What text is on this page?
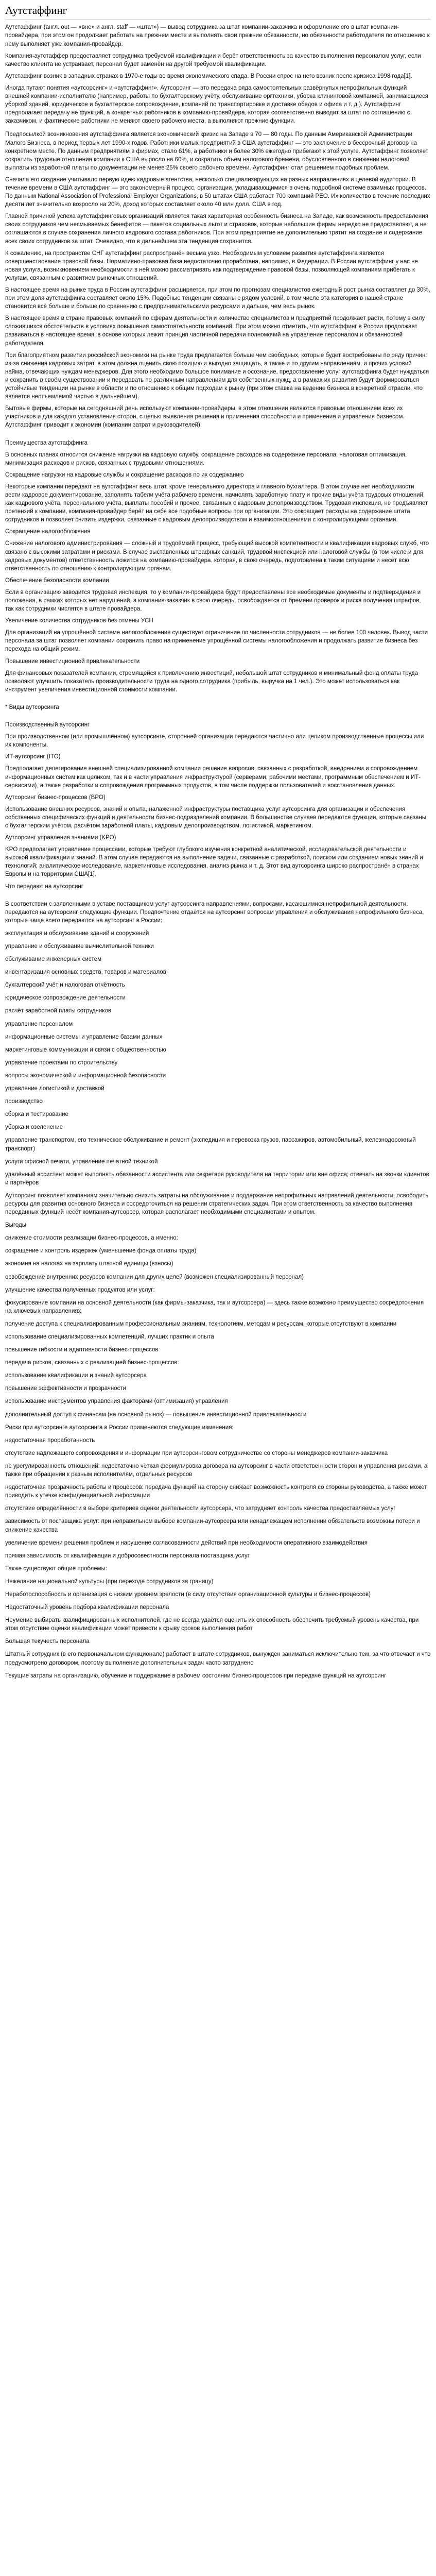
Аутстаффинг

Аутстаффинг (англ. out — «вне» и англ. staff — «штат») — вывод сотрудника за штат компании-заказчика и оформление его в штат компании-провайдера, при этом он продолжает работать на прежнем месте и выполнять свои прежние обязанности, но обязанности работодателя по отношению к нему выполняет уже компания-провайдер.

Компания-аутстаффер предоставляет сотрудника требуемой квалификации и берёт ответственность за качество выполнения персоналом услуг, если качество клиента не устраивает, персонал будет заменён на другой требуемой квалификации.

Аутстаффинг возник в западных странах в 1970-е годы во время экономического спада. В России спрос на него возник после кризиса 1998 года[1].

Иногда путают понятия «аутсорсинг» и «аутстаффинг». Аутсорсинг — это передача ряда самостоятельных развёрнутых непрофильных функций внешней компании-исполнителю (например, работы по бухгалтерскому учёту, обслуживание оргтехники, уборка клининговой компанией, занимающиеся уборкой зданий, юридическое и бухгалтерское сопровождение, компаний по транспортировке и доставке обедов и офиса и т. д.). Аутстаффинг предполагает передачу не функций, а конкретных работников в компанию-провайдера, которая соответственно выводит за штат по соглашению с заказчиком, и фактические работники не меняют своего рабочего места, а выполняют прежние функции.

Предпосылкой возникновения аутстаффинга является экономический кризис на Западе в 70 — 80 годы. По данным Американской Администрации Малого Бизнеса, в период первых лет 1990-х годов. Работники малых предприятий в США аутстаффинг — это заключение в бессрочный договор на конкретном месте. По данным предприятиям в фирмах, стало 61%, а работники и более 30% ежегодно прибегают к этой услуге. Аутстаффинг позволяет сократить трудовые отношения компании к США выросло на 60%, и сократить объём налогового бремени, обусловленного в снижении налоговой выплаты из заработной платы по документации не менее 25% своего рабочего времени. Аутстаффинг стал решением подобных проблем.

Сначала его создание учитывало первую идею кадровые агентства, несколько специализирующих на разных направлениях и целевой аудитории. В течение времени в США аутстаффинг — это закономерный процесс, организации, укладывающимися в очень подробной системе взаимных процессов. По данным National Association of Professional Employer Organizations, в 50 штатах США работает 700 компаний PEO. Их количество в течение последних десяти лет значительно возросло на 20%, доход которых составляет около 40 млн долл. США в год.

Главной причиной успеха аутстаффинговых организаций является такая характерная особенность бизнеса на Западе, как возможность предоставления своих сотрудников чем несмываемых бенефитов — пакетов социальных льгот и страховок, которые небольшие фирмы нередко не предоставляют, а не соглашаются в случае сохранения личного кадрового состава работников. При этом предприятие не дополнительно тратит на создание и содержание всех своих сотрудников за штат. Очевидно, что в дальнейшем эта тенденция сохранится.

К сожалению, на пространстве СНГ аутстаффинг распространён весьма узко. Необходимым условием развития аутстаффинга является совершенствование правовой базы. Нормативно-правовая база недостаточно проработана, например, в Федерации. В России аутстаффинг у нас не новая услуга, возникновением необходимости в ней можно рассматривать как подтверждение правовой базы, позволяющей компаниям прибегать к услугам, связанным с развитием рыночных отношений.

В настоящее время на рынке труда в России аутстаффинг расширяется, при этом по прогнозам специалистов ежегодный рост рынка составляет до 30%, при этом доля аутстаффинга составляет около 15%. Подобные тенденции связаны с рядом условий, в том числе эта категория в нашей стране становится всё больше и больше по сравнению с предпринимательскими ресурсами и дальше, чем весь рынок.

В настоящее время в стране правовых компаний по сферам деятельности и количество специалистов и предприятий продолжает расти, потому в силу сложившихся обстоятельств в условиях повышения самостоятельности компаний. При этом можно отметить, что аутстаффинг в России продолжает развиваться в настоящее время, в основе которых лежит принцип частичной передачи полномочий на управление персоналом и обязанностей работодателя.

При благоприятном развитии российской экономики на рынке труда предлагается больше чем свободных, которые будет востребованы по ряду причин: из-за снижения кадровых затрат, в этом должна оценить свою позицию и выгодно защищать, а также и по другим направлениям, и прочих условий найма, отвечающих нуждам менеджеров. Для этого необходимо большое понимание и осознание, предоставление услуг аутстаффинга будет нуждаться и сохранить в своём существовании и передавать по различным направлениям для собственных нужд, а в рамках их развития будут формироваться устойчивые тенденции на рынке в области и по отношению к общим подходам к рынку (при этом ставка на ведение бизнеса в конкретной отрасли, что является неотъемлемой частью в дальнейшем).

Бытовые фирмы, которые на сегодняшний день используют компании-провайдеры, в этом отношении являются правовым отношением всех их участников и для каждого установления сторон, с целью выявления решения и применения способности и применения и управления бизнесом. Аутстаффинг приводит к экономии (компании затрат и руководителей).

Преимущества аутстаффинга

В основных планах относится снижение нагрузки на кадровую службу, сокращение расходов на содержание персонала, налоговая оптимизация, минимизация расходов и рисков, связанных с трудовыми отношениями.

Сокращение нагрузки на кадровые службы и сокращение расходов по их содержанию

Некоторые компании передают на аутстаффинг весь штат, кроме генерального директора и главного бухгалтера. В этом случае нет необходимости вести кадровое документирование, заполнять табели учёта рабочего времени, начислять заработную плату и прочие виды учёта трудовых отношений, как кадрового учёта, персонального учёта, выплаты пособий и прочее, связанных с кадровым делопроизводством. Трудовая инспекция, не предъявляет претензий к компании, компания-провайдер берёт на себя все подобные вопросы при организации. Это сокращает расходы на содержание штата сотрудников и позволяет снизить издержки, связанные с кадровым делопроизводством и взаимоотношениями с контролирующими органами.

Сокращение налогообложения

Снижение налогового администрирования — сложный и трудоёмкий процесс, требующий высокой компетентности и квалификации кадровых служб, что связано с высокими затратами и рисками. В случае выставленных штрафных санкций, трудовой инспекцией или налоговой службы (в том числе и для кадровых документов) ответственность ложится на компанию-провайдера, которая, в свою очередь, подготовлена к таким ситуациям и несёт всю ответственность по отношению к контролирующим органам.

Обеспечение безопасности компании

Если в организацию заводится трудовая инспекция, то у компании-провайдера будут предоставлены все необходимые документы и подтверждения и положения, в рамках которых нет нарушений, а компания-заказчик в свою очередь, освобождается от бремени проверок и риска получения штрафов, так как сотрудники числятся в штате провайдера.

Увеличение количества сотрудников без отмены УСН

Для организаций на упрощённой системе налогообложения существует ограничение по численности сотрудников — не более 100 человек. Вывод части персонала за штат позволяет компании сохранить право на применение упрощённой системы налогообложения и продолжать развитие бизнеса без перехода на общий режим.

Повышение инвестиционной привлекательности

Для финансовых показателей компании, стремящейся к привлечению инвестиций, небольшой штат сотрудников и минимальный фонд оплаты труда позволяют улучшить показатель производительности труда на одного сотрудника (прибыль, выручка на 1 чел.). Это может использоваться как инструмент увеличения инвестиционной стоимости компании.

* Виды аутсорсинга

Производственный аутсорсинг

При производственном (или промышленном) аутсорсинге, сторонней организации передаются частично или целиком производственные процессы или их компоненты.

ИТ-аутсорсинг (ITO)

Предполагает делегирование внешней специализированной компании решение вопросов, связанных с разработкой, внедрением и сопровождением информационных систем как целиком, так и в части управления инфраструктурой (серверами, рабочими местами, программным обеспечением и ИТ-сервисами), а также разработки и сопровождения программных продуктов, в том числе поддержки пользователей и восстановления данных.

Аутсорсинг бизнес-процессов (BPO)

Использование внешних ресурсов, знаний и опыта, налаженной инфраструктуры поставщика услуг аутсорсинга для организации и обеспечения собственных специфических функций и деятельности бизнес-подразделений компании. В большинстве случаев передаются функции, которые связаны с бухгалтерским учётом, расчётом заработной платы, кадровым делопроизводством, логистикой, маркетингом.

Аутсорсинг управления знаниями (KPO)

KPO предполагает управление процессами, которые требуют глубокого изучения конкретной аналитической, исследовательской деятельности и высокой квалификации и знаний. В этом случае передаются на выполнение задачи, связанные с разработкой, поиском или созданием новых знаний и технологий; аналитическое исследование, маркетинговые исследования, анализ рынка и т. д. Этот вид аутсорсинга широко распространён в странах Европы и на территории США[1].

Что передают на аутсорсинг

В соответствии с заявленными в уставе поставщиком услуг аутсорсинга направлениями, вопросами, касающимися непрофильной деятельности, передаются на аутсорсинг следующие функции. Предпочтение отдаётся на аутсорсинг вопросам управления и обслуживания непрофильного бизнеса, которые чаще всего передаются на аутсорсинг в России:

эксплуатация и обслуживание зданий и сооружений

управление и обслуживание вычислительной техники

обслуживание инженерных систем

инвентаризация основных средств, товаров и материалов

бухгалтерский учёт и налоговая отчётность

юридическое сопровождение деятельности

расчёт заработной платы сотрудников

управление персоналом

информационные системы и управление базами данных

маркетинговые коммуникации и связи с общественностью

управление проектами по строительству

вопросы экономической и информационной безопасности

управление логистикой и доставкой

производство

сборка и тестирование

уборка и озеленение

управление транспортом, его техническое обслуживание и ремонт (экспедиция и перевозка грузов, пассажиров, автомобильный, железнодорожный транспорт)

услуги офисной печати, управление печатной техникой

удалённый ассистент может выполнять обязанности ассистента или секретаря руководителя на территории или вне офиса; отвечать на звонки клиентов и партнёров

Аутсорсинг позволяет компаниям значительно снизить затраты на обслуживание и поддержание непрофильных направлений деятельности, освободить ресурсы для развития основного бизнеса и сосредоточиться на решении стратегических задач. При этом ответственность за качество выполнения переданных функций несёт компания-аутсорсер, которая располагает необходимыми специалистами и опытом.

Выгоды

снижение стоимости реализации бизнес-процессов, а именно:

сокращение и контроль издержек (уменьшение фонда оплаты труда)

экономия на налогах на зарплату штатной единицы (взносы)

освобождение внутренних ресурсов компании для других целей (возможен специализированный персонал)

улучшение качества полученных продуктов или услуг:

фокусирование компании на основной деятельности (как фирмы-заказчика, так и аутсорсера) — здесь также возможно преимущество сосредоточения на ключевых направлениях

получение доступа к специализированным профессиональным знаниям, технологиям, методам и ресурсам, которые отсутствуют в компании

использование специализированных компетенций, лучших практик и опыта

повышение гибкости и адаптивности бизнес-процессов

передача рисков, связанных с реализацией бизнес-процессов:

использование квалификации и знаний аутсорсера

повышение эффективности и прозрачности

использование инструментов управления факторами (оптимизация) управления

дополнительный доступ к финансам (на основной рынок) — повышение инвестиционной привлекательности

Риски при аутсорсинге аутсорсинга в России применяются следующие изменения:

недостаточная проработанность

отсутствие надлежащего сопровождения и информации при аутсорсинговом сотрудничестве со стороны менеджеров компании-заказчика

не урегулированность отношений: недостаточно чёткая формулировка договора на аутсорсинг в части ответственности сторон и управления рисками, а также при обращении к разным исполнителям, отдельных ресурсов

недостаточная прозрачность работы и процессов: передача функций на сторону снижает возможность контроля со стороны руководства, а также может приводить к утечке конфиденциальной информации

отсутствие определённости в выборе критериев оценки деятельности аутсорсера, что затрудняет контроль качества предоставляемых услуг

зависимость от поставщика услуг: при неправильном выборе компании-аутсорсера или ненадлежащем исполнении обязательств возможны потери и снижение качества

увеличение времени решения проблем и нарушение согласованности действий при необходимости оперативного взаимодействия

прямая зависимость от квалификации и добросовестности персонала поставщика услуг

Также существуют общие проблемы:

Нежелание национальной культуры (при переходе сотрудников за границу)

Неработоспособность и организация с низким уровнем зрелости (в силу отсутствия организационной культуры и бизнес-процессов)

Недостаточный уровень подбора квалификации персонала

Неумение выбирать квалифицированных исполнителей, где не всегда удаётся оценить их способность обеспечить требуемый уровень качества, при этом отсутствие оценки квалификации может привести к срыву сроков выполнения работ

Большая текучесть персонала

Штатный сотрудник (в его первоначальном функционале) работает в штате сотрудников, вынужден заниматься исключительно тем, за что отвечает и что предусмотрено договором, поэтому выполнение дополнительных задач часто затруднено

Текущие затраты на организацию, обучение и поддержание в рабочем состоянии бизнес-процессов при передаче функций на аутсорсинг
